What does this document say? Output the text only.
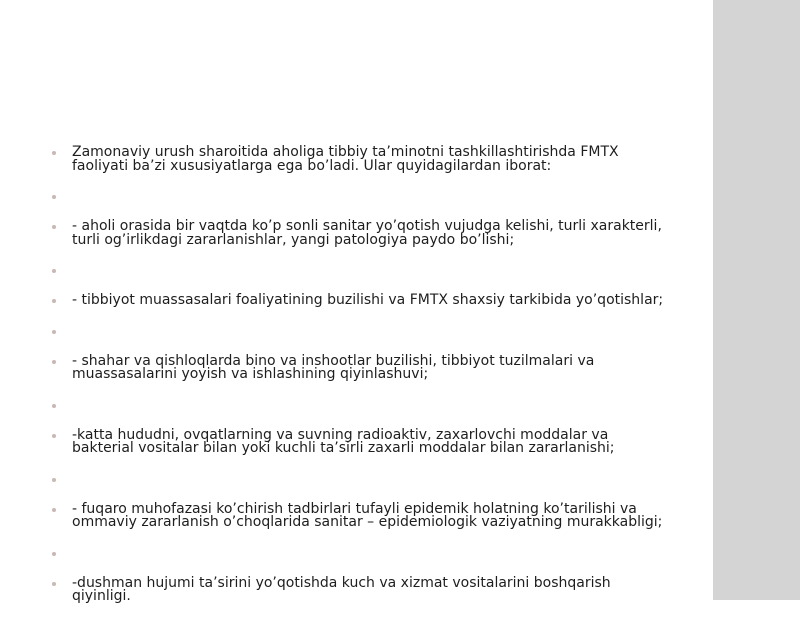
Zamonaviy urush sharoitida aholiga tibbiy ta’minotni tashkillashtirishda FMTX faoliyati ba’zi xususiyatlarga ega bo’ladi. Ular quyidagilardan iborat:
- aholi orasida bir vaqtda ko’p sonli sanitar yo’qotish vujudga kelishi, turli xarakterli, turli og’irlikdagi zararlanishlar, yangi patologiya paydo bo’lishi;
- tibbiyot muassasalari foaliyatining buzilishi va FMTX shaxsiy tarkibida yo’qotishlar;
- shahar va qishloqlarda bino va inshootlar buzilishi, tibbiyot tuzilmalari va muassasalarini yoyish va ishlashining qiyinlashuvi;
-katta hududni, ovqatlarning va suvning radioaktiv, zaxarlovchi moddalar va bakterial vositalar bilan yoki kuchli ta’sirli zaxarli moddalar bilan zararlanishi;
- fuqaro muhofazasi ko’chirish tadbirlari tufayli epidemik holatning ko’tarilishi va ommaviy zararlanish o’choqlarida sanitar – epidemiologik vaziyatning murakkabligi;
-dushman hujumi ta’sirini yo’qotishda kuch va xizmat vositalarini boshqarish qiyinligi.
